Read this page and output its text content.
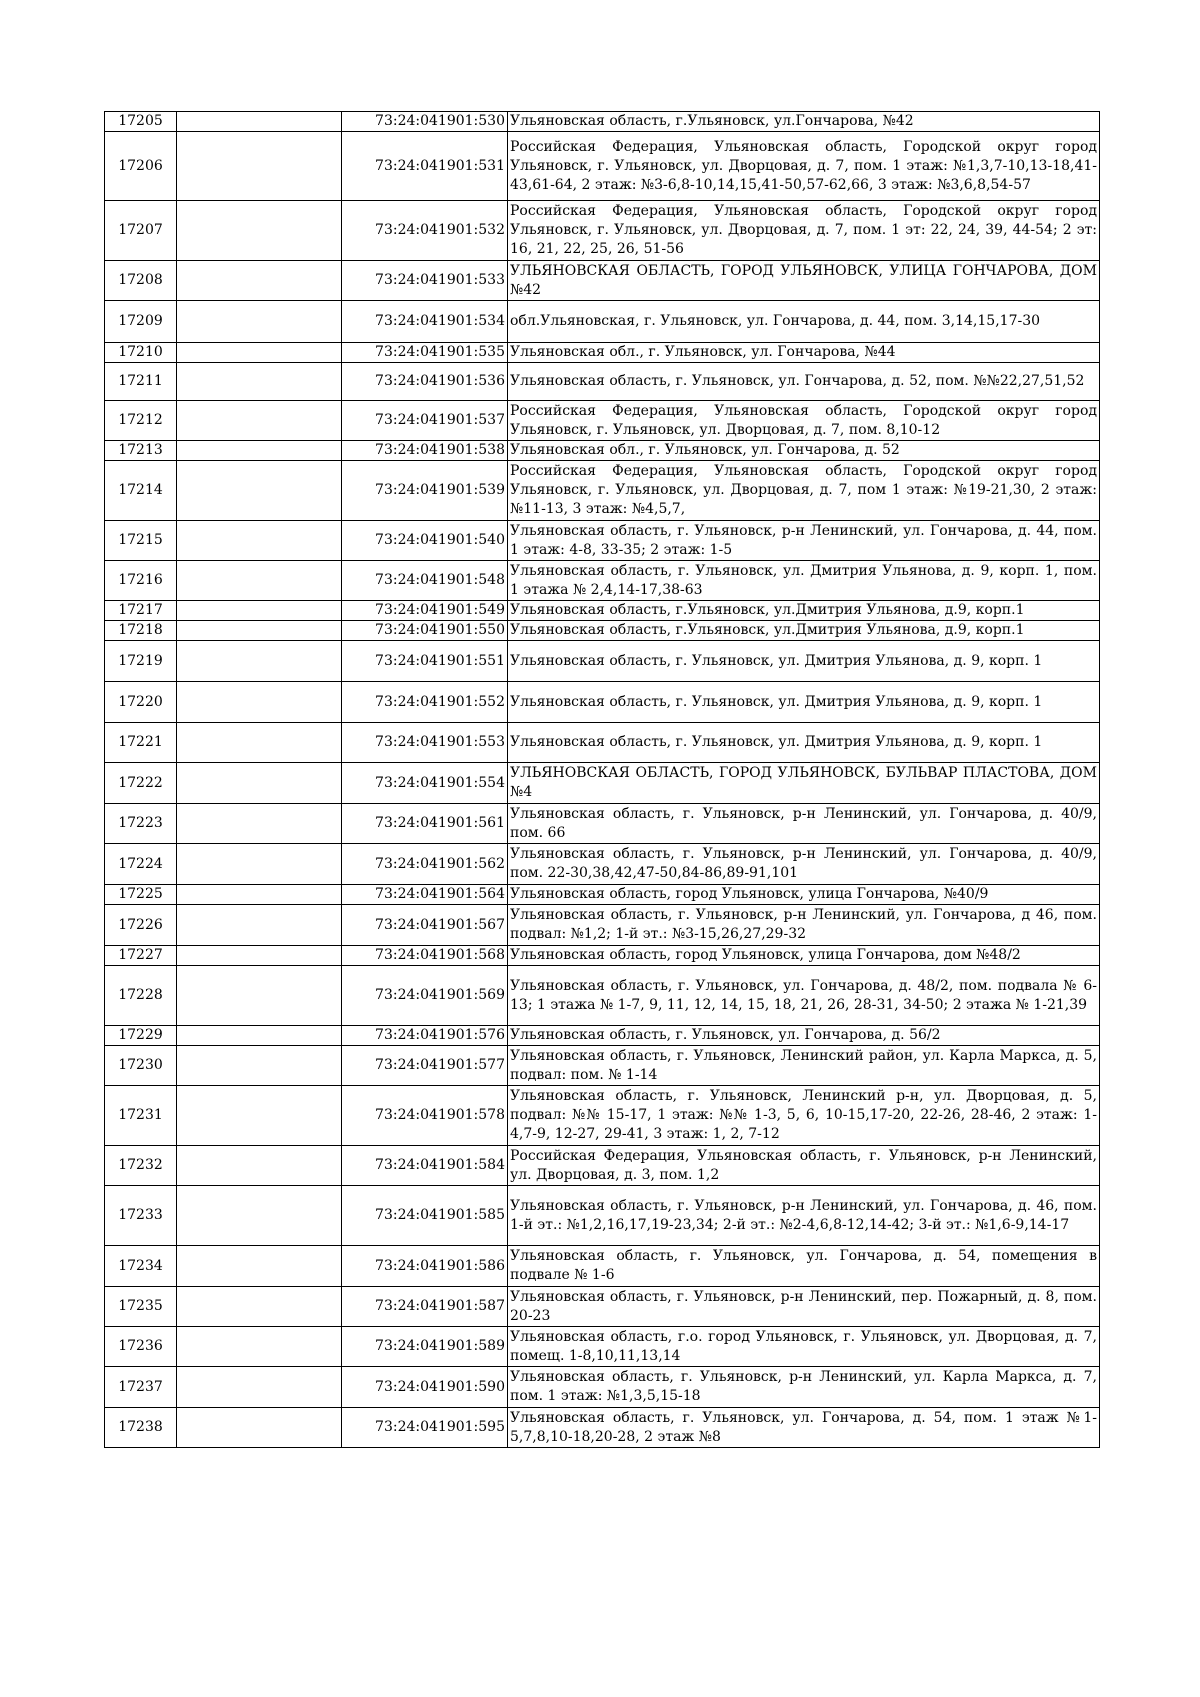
17205		73:24:041901:530	Ульяновская область, г.Ульяновск, ул.Гончарова, №42
17206		73:24:041901:531	Российская Федерация, Ульяновская область, Городской округ город Ульяновск, г. Ульяновск, ул. Дворцовая, д. 7, пом. 1 этаж: №1,3,7-10,13-18,41-43,61-64, 2 этаж: №3-6,8-10,14,15,41-50,57-62,66, 3 этаж: №3,6,8,54-57
17207		73:24:041901:532	Российская Федерация, Ульяновская область, Городской округ город Ульяновск, г. Ульяновск, ул. Дворцовая, д. 7, пом. 1 эт: 22, 24, 39, 44-54; 2 эт: 16, 21, 22, 25, 26, 51-56
17208		73:24:041901:533	УЛЬЯНОВСКАЯ ОБЛАСТЬ, ГОРОД УЛЬЯНОВСК, УЛИЦА ГОНЧАРОВА, ДОМ №42
17209		73:24:041901:534	обл.Ульяновская, г. Ульяновск, ул. Гончарова, д. 44, пом. 3,14,15,17-30
17210		73:24:041901:535	Ульяновская обл., г. Ульяновск, ул. Гончарова, №44
17211		73:24:041901:536	Ульяновская область, г. Ульяновск, ул. Гончарова, д. 52, пом. №№22,27,51,52
17212		73:24:041901:537	Российская Федерация, Ульяновская область, Городской округ город Ульяновск, г. Ульяновск, ул. Дворцовая, д. 7, пом. 8,10-12
17213		73:24:041901:538	Ульяновская обл., г. Ульяновск, ул. Гончарова, д. 52
17214		73:24:041901:539	Российская Федерация, Ульяновская область, Городской округ город Ульяновск, г. Ульяновск, ул. Дворцовая, д. 7, пом 1 этаж: №19-21,30, 2 этаж: №11-13, 3 этаж: №4,5,7,
17215		73:24:041901:540	Ульяновская область, г. Ульяновск, р-н Ленинский, ул. Гончарова, д. 44, пом. 1 этаж: 4-8, 33-35; 2 этаж: 1-5
17216		73:24:041901:548	Ульяновская область, г. Ульяновск, ул. Дмитрия Ульянова, д. 9, корп. 1, пом. 1 этажа № 2,4,14-17,38-63
17217		73:24:041901:549	Ульяновская область, г.Ульяновск, ул.Дмитрия Ульянова, д.9, корп.1
17218		73:24:041901:550	Ульяновская область, г.Ульяновск, ул.Дмитрия Ульянова, д.9, корп.1
17219		73:24:041901:551	Ульяновская область, г. Ульяновск, ул. Дмитрия Ульянова, д. 9, корп. 1
17220		73:24:041901:552	Ульяновская область, г. Ульяновск, ул. Дмитрия Ульянова, д. 9, корп. 1
17221		73:24:041901:553	Ульяновская область, г. Ульяновск, ул. Дмитрия Ульянова, д. 9, корп. 1
17222		73:24:041901:554	УЛЬЯНОВСКАЯ ОБЛАСТЬ, ГОРОД УЛЬЯНОВСК, БУЛЬВАР ПЛАСТОВА, ДОМ №4
17223		73:24:041901:561	Ульяновская область, г. Ульяновск, р-н Ленинский, ул. Гончарова, д. 40/9, пом. 66
17224		73:24:041901:562	Ульяновская область, г. Ульяновск, р-н Ленинский, ул. Гончарова, д. 40/9, пом. 22-30,38,42,47-50,84-86,89-91,101
17225		73:24:041901:564	Ульяновская область, город Ульяновск, улица Гончарова, №40/9
17226		73:24:041901:567	Ульяновская область, г. Ульяновск, р-н Ленинский, ул. Гончарова, д 46, пом. подвал: №1,2; 1-й эт.: №3-15,26,27,29-32
17227		73:24:041901:568	Ульяновская область, город Ульяновск, улица Гончарова, дом №48/2
17228		73:24:041901:569	Ульяновская область, г. Ульяновск, ул. Гончарова, д. 48/2, пом. подвала № 6-13; 1 этажа № 1-7, 9, 11, 12, 14, 15, 18, 21, 26, 28-31, 34-50; 2 этажа № 1-21,39
17229		73:24:041901:576	Ульяновская область, г. Ульяновск, ул. Гончарова, д. 56/2
17230		73:24:041901:577	Ульяновская область, г. Ульяновск, Ленинский район, ул. Карла Маркса, д. 5, подвал: пом. № 1-14
17231		73:24:041901:578	Ульяновская область, г. Ульяновск, Ленинский р-н, ул. Дворцовая, д. 5, подвал: №№ 15-17, 1 этаж: №№ 1-3, 5, 6, 10-15,17-20, 22-26, 28-46, 2 этаж: 1-4,7-9, 12-27, 29-41, 3 этаж: 1, 2, 7-12
17232		73:24:041901:584	Российская Федерация, Ульяновская область, г. Ульяновск, р-н Ленинский, ул. Дворцовая, д. 3, пом. 1,2
17233		73:24:041901:585	Ульяновская область, г. Ульяновск, р-н Ленинский, ул. Гончарова, д. 46, пом. 1-й эт.: №1,2,16,17,19-23,34; 2-й эт.: №2-4,6,8-12,14-42; 3-й эт.: №1,6-9,14-17
17234		73:24:041901:586	Ульяновская область, г. Ульяновск, ул. Гончарова, д. 54, помещения в подвале № 1-6
17235		73:24:041901:587	Ульяновская область, г. Ульяновск, р-н Ленинский, пер. Пожарный, д. 8, пом. 20-23
17236		73:24:041901:589	Ульяновская область, г.о. город Ульяновск, г. Ульяновск, ул. Дворцовая, д. 7, помещ. 1-8,10,11,13,14
17237		73:24:041901:590	Ульяновская область, г. Ульяновск, р-н Ленинский, ул. Карла Маркса, д. 7, пом. 1 этаж: №1,3,5,15-18
17238		73:24:041901:595	Ульяновская область, г. Ульяновск, ул. Гончарова, д. 54, пом. 1 этаж №1-5,7,8,10-18,20-28, 2 этаж №8
